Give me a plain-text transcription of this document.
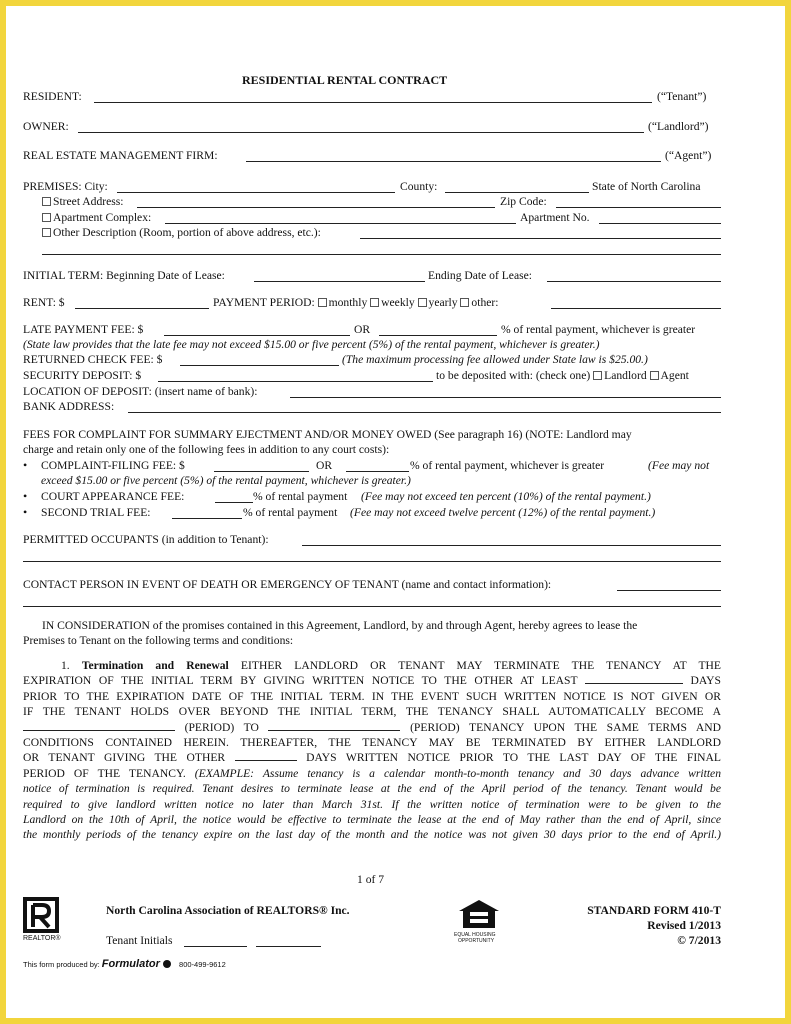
RESIDENTIAL RENTAL CONTRACT
RESIDENT:	(“Tenant”)
OWNER:	(“Landlord”)
REAL ESTATE MANAGEMENT FIRM:	(“Agent”)
PREMISES: City:	County:	State of North Carolina
Street Address:	Zip Code:
Apartment Complex:	Apartment No.
Other Description (Room, portion of above address, etc.):
INITIAL TERM: Beginning Date of Lease:	Ending Date of Lease:
RENT: $	PAYMENT PERIOD: monthly weekly yearly other:
LATE PAYMENT FEE: $	OR	% of rental payment, whichever is greater
(State law provides that the late fee may not exceed $15.00 or five percent (5%) of the rental payment, whichever is greater.)
RETURNED CHECK FEE: $	(The maximum processing fee allowed under State law is $25.00.)
SECURITY DEPOSIT: $	to be deposited with: (check one) Landlord Agent
LOCATION OF DEPOSIT: (insert name of bank):
BANK ADDRESS:
FEES FOR COMPLAINT FOR SUMMARY EJECTMENT AND/OR MONEY OWED (See paragraph 16) (NOTE: Landlord may
charge and retain only one of the following fees in addition to any court costs):
• COMPLAINT-FILING FEE: $	OR	% of rental payment, whichever is greater	(Fee may not
exceed $15.00 or five percent (5%) of the rental payment, whichever is greater.)
• COURT APPEARANCE FEE:	% of rental payment (Fee may not exceed ten percent (10%) of the rental payment.)
• SECOND TRIAL FEE:	% of rental payment (Fee may not exceed twelve percent (12%) of the rental payment.)
PERMITTED OCCUPANTS (in addition to Tenant):
CONTACT PERSON IN EVENT OF DEATH OR EMERGENCY OF TENANT (name and contact information):
IN CONSIDERATION of the promises contained in this Agreement, Landlord, by and through Agent, hereby agrees to lease the
Premises to Tenant on the following terms and conditions:
1. Termination and Renewal EITHER LANDLORD OR TENANT MAY TERMINATE THE TENANCY AT THE
EXPIRATION OF THE INITIAL TERM BY GIVING WRITTEN NOTICE TO THE OTHER AT LEAST	DAYS
PRIOR TO THE EXPIRATION DATE OF THE INITIAL TERM. IN THE EVENT SUCH WRITTEN NOTICE IS NOT GIVEN OR
IF THE TENANT HOLDS OVER BEYOND THE INITIAL TERM, THE TENANCY SHALL AUTOMATICALLY BECOME A
(PERIOD) TO	(PERIOD) TENANCY UPON THE SAME TERMS AND
CONDITIONS CONTAINED HEREIN. THEREAFTER, THE TENANCY MAY BE TERMINATED BY EITHER LANDLORD
OR TENANT GIVING THE OTHER	DAYS WRITTEN NOTICE PRIOR TO THE LAST DAY OF THE FINAL
PERIOD OF THE TENANCY. (EXAMPLE: Assume tenancy is a calendar month-to-month tenancy and 30 days advance written
notice of termination is required. Tenant desires to terminate lease at the end of the April period of the tenancy. Tenant would be
required to give landlord written notice no later than March 31st. If the written notice of termination were to be given to the
Landlord on the 10th of April, the notice would be effective to terminate the lease at the end of May rather than the end of April, since
the monthly periods of the tenancy expire on the last day of the month and the notice was not given 30 days prior to the end of April.)
1 of 7
REALTOR®
North Carolina Association of REALTORS® Inc.
Tenant Initials	EQUAL HOUSING
OPPORTUNITY
STANDARD FORM 410-T
Revised 1/2013
© 7/2013
This form produced by: Formulator	800-499-9612
